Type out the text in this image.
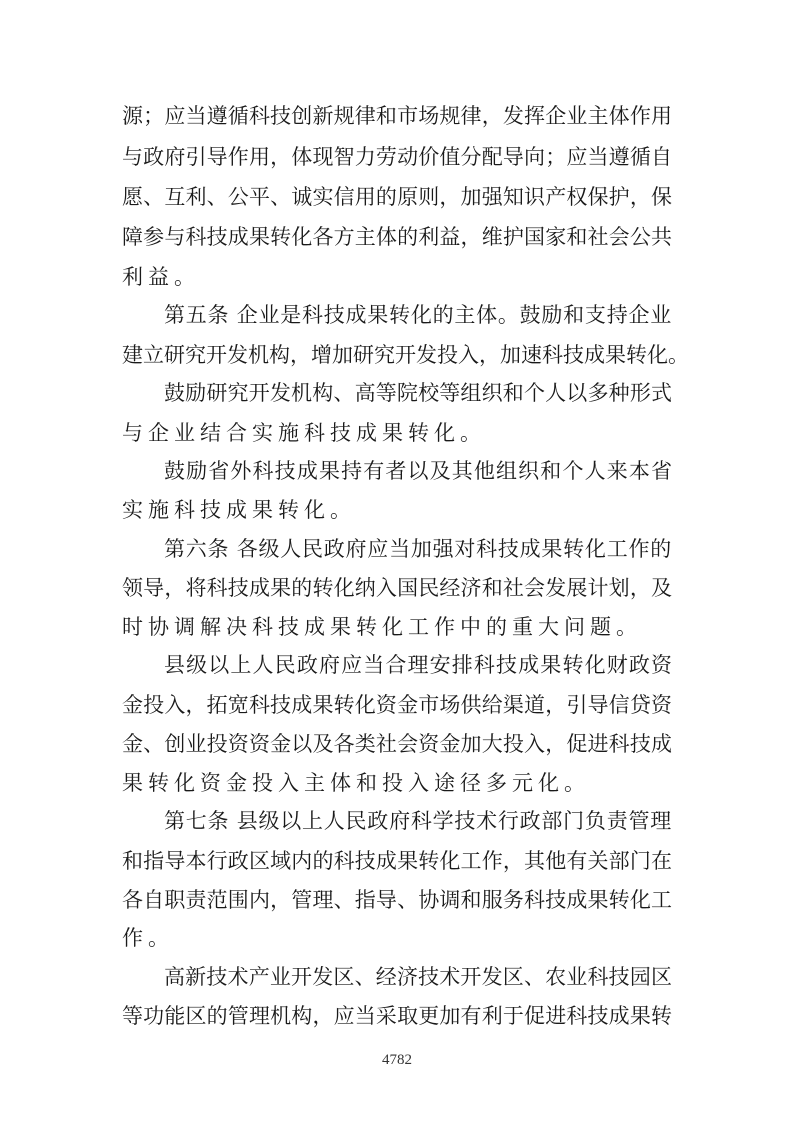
源；应当遵循科技创新规律和市场规律，发挥企业主体作用
与政府引导作用，体现智力劳动价值分配导向；应当遵循自
愿、互利、公平、诚实信用的原则，加强知识产权保护，保
障参与科技成果转化各方主体的利益，维护国家和社会公共
利益。
第五条 企业是科技成果转化的主体。鼓励和支持企业
建立研究开发机构，增加研究开发投入，加速科技成果转化。
鼓励研究开发机构、高等院校等组织和个人以多种形式
与企业结合实施科技成果转化。
鼓励省外科技成果持有者以及其他组织和个人来本省
实施科技成果转化。
第六条 各级人民政府应当加强对科技成果转化工作的
领导，将科技成果的转化纳入国民经济和社会发展计划，及
时协调解决科技成果转化工作中的重大问题。
县级以上人民政府应当合理安排科技成果转化财政资
金投入，拓宽科技成果转化资金市场供给渠道，引导信贷资
金、创业投资资金以及各类社会资金加大投入，促进科技成
果转化资金投入主体和投入途径多元化。
第七条 县级以上人民政府科学技术行政部门负责管理
和指导本行政区域内的科技成果转化工作，其他有关部门在
各自职责范围内，管理、指导、协调和服务科技成果转化工
作。
高新技术产业开发区、经济技术开发区、农业科技园区
等功能区的管理机构，应当采取更加有利于促进科技成果转
4782
